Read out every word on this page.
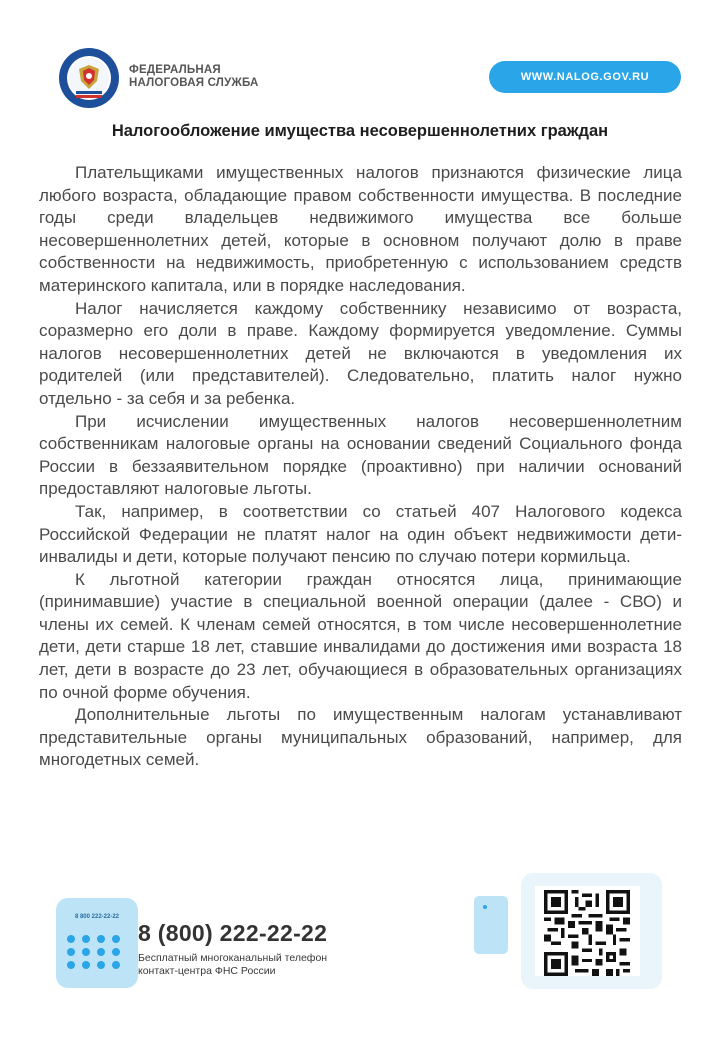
ФЕДЕРАЛЬНАЯ
НАЛОГОВАЯ СЛУЖБА	WWW.NALOG.GOV.RU
Налогообложение имущества несовершеннолетних граждан

Плательщиками имущественных налогов признаются физические лица любого возраста, обладающие правом собственности имущества. В последние годы среди владельцев недвижимого имущества все больше несовершеннолетних детей, которые в основном получают долю в праве собственности на недвижимость, приобретенную с использованием средств материнского капитала, или в порядке наследования.

Налог начисляется каждому собственнику независимо от возраста, соразмерно его доли в праве. Каждому формируется уведомление. Суммы налогов несовершеннолетних детей не включаются в уведомления их родителей (или представителей). Следовательно, платить налог нужно отдельно - за себя и за ребенка.

При исчислении имущественных налогов несовершеннолетним собственникам налоговые органы на основании сведений Социального фонда России в беззаявительном порядке (проактивно) при наличии оснований предоставляют налоговые льготы.

Так, например, в соответствии со статьей 407 Налогового кодекса Российской Федерации не платят налог на один объект недвижимости дети-инвалиды и дети, которые получают пенсию по случаю потери кормильца.

К льготной категории граждан относятся лица, принимающие (принимавшие) участие в специальной военной операции (далее - СВО) и члены их семей. К членам семей относятся, в том числе несовершеннолетние дети, дети старше 18 лет, ставшие инвалидами до достижения ими возраста 18 лет, дети в возрасте до 23 лет, обучающиеся в образовательных организациях по очной форме обучения.

Дополнительные льготы по имущественным налогам устанавливают представительные органы муниципальных образований, например, для многодетных семей.

8 800 222-22-22
8 (800) 222-22-22
Бесплатный многоканальный телефон
контакт-центра ФНС России
